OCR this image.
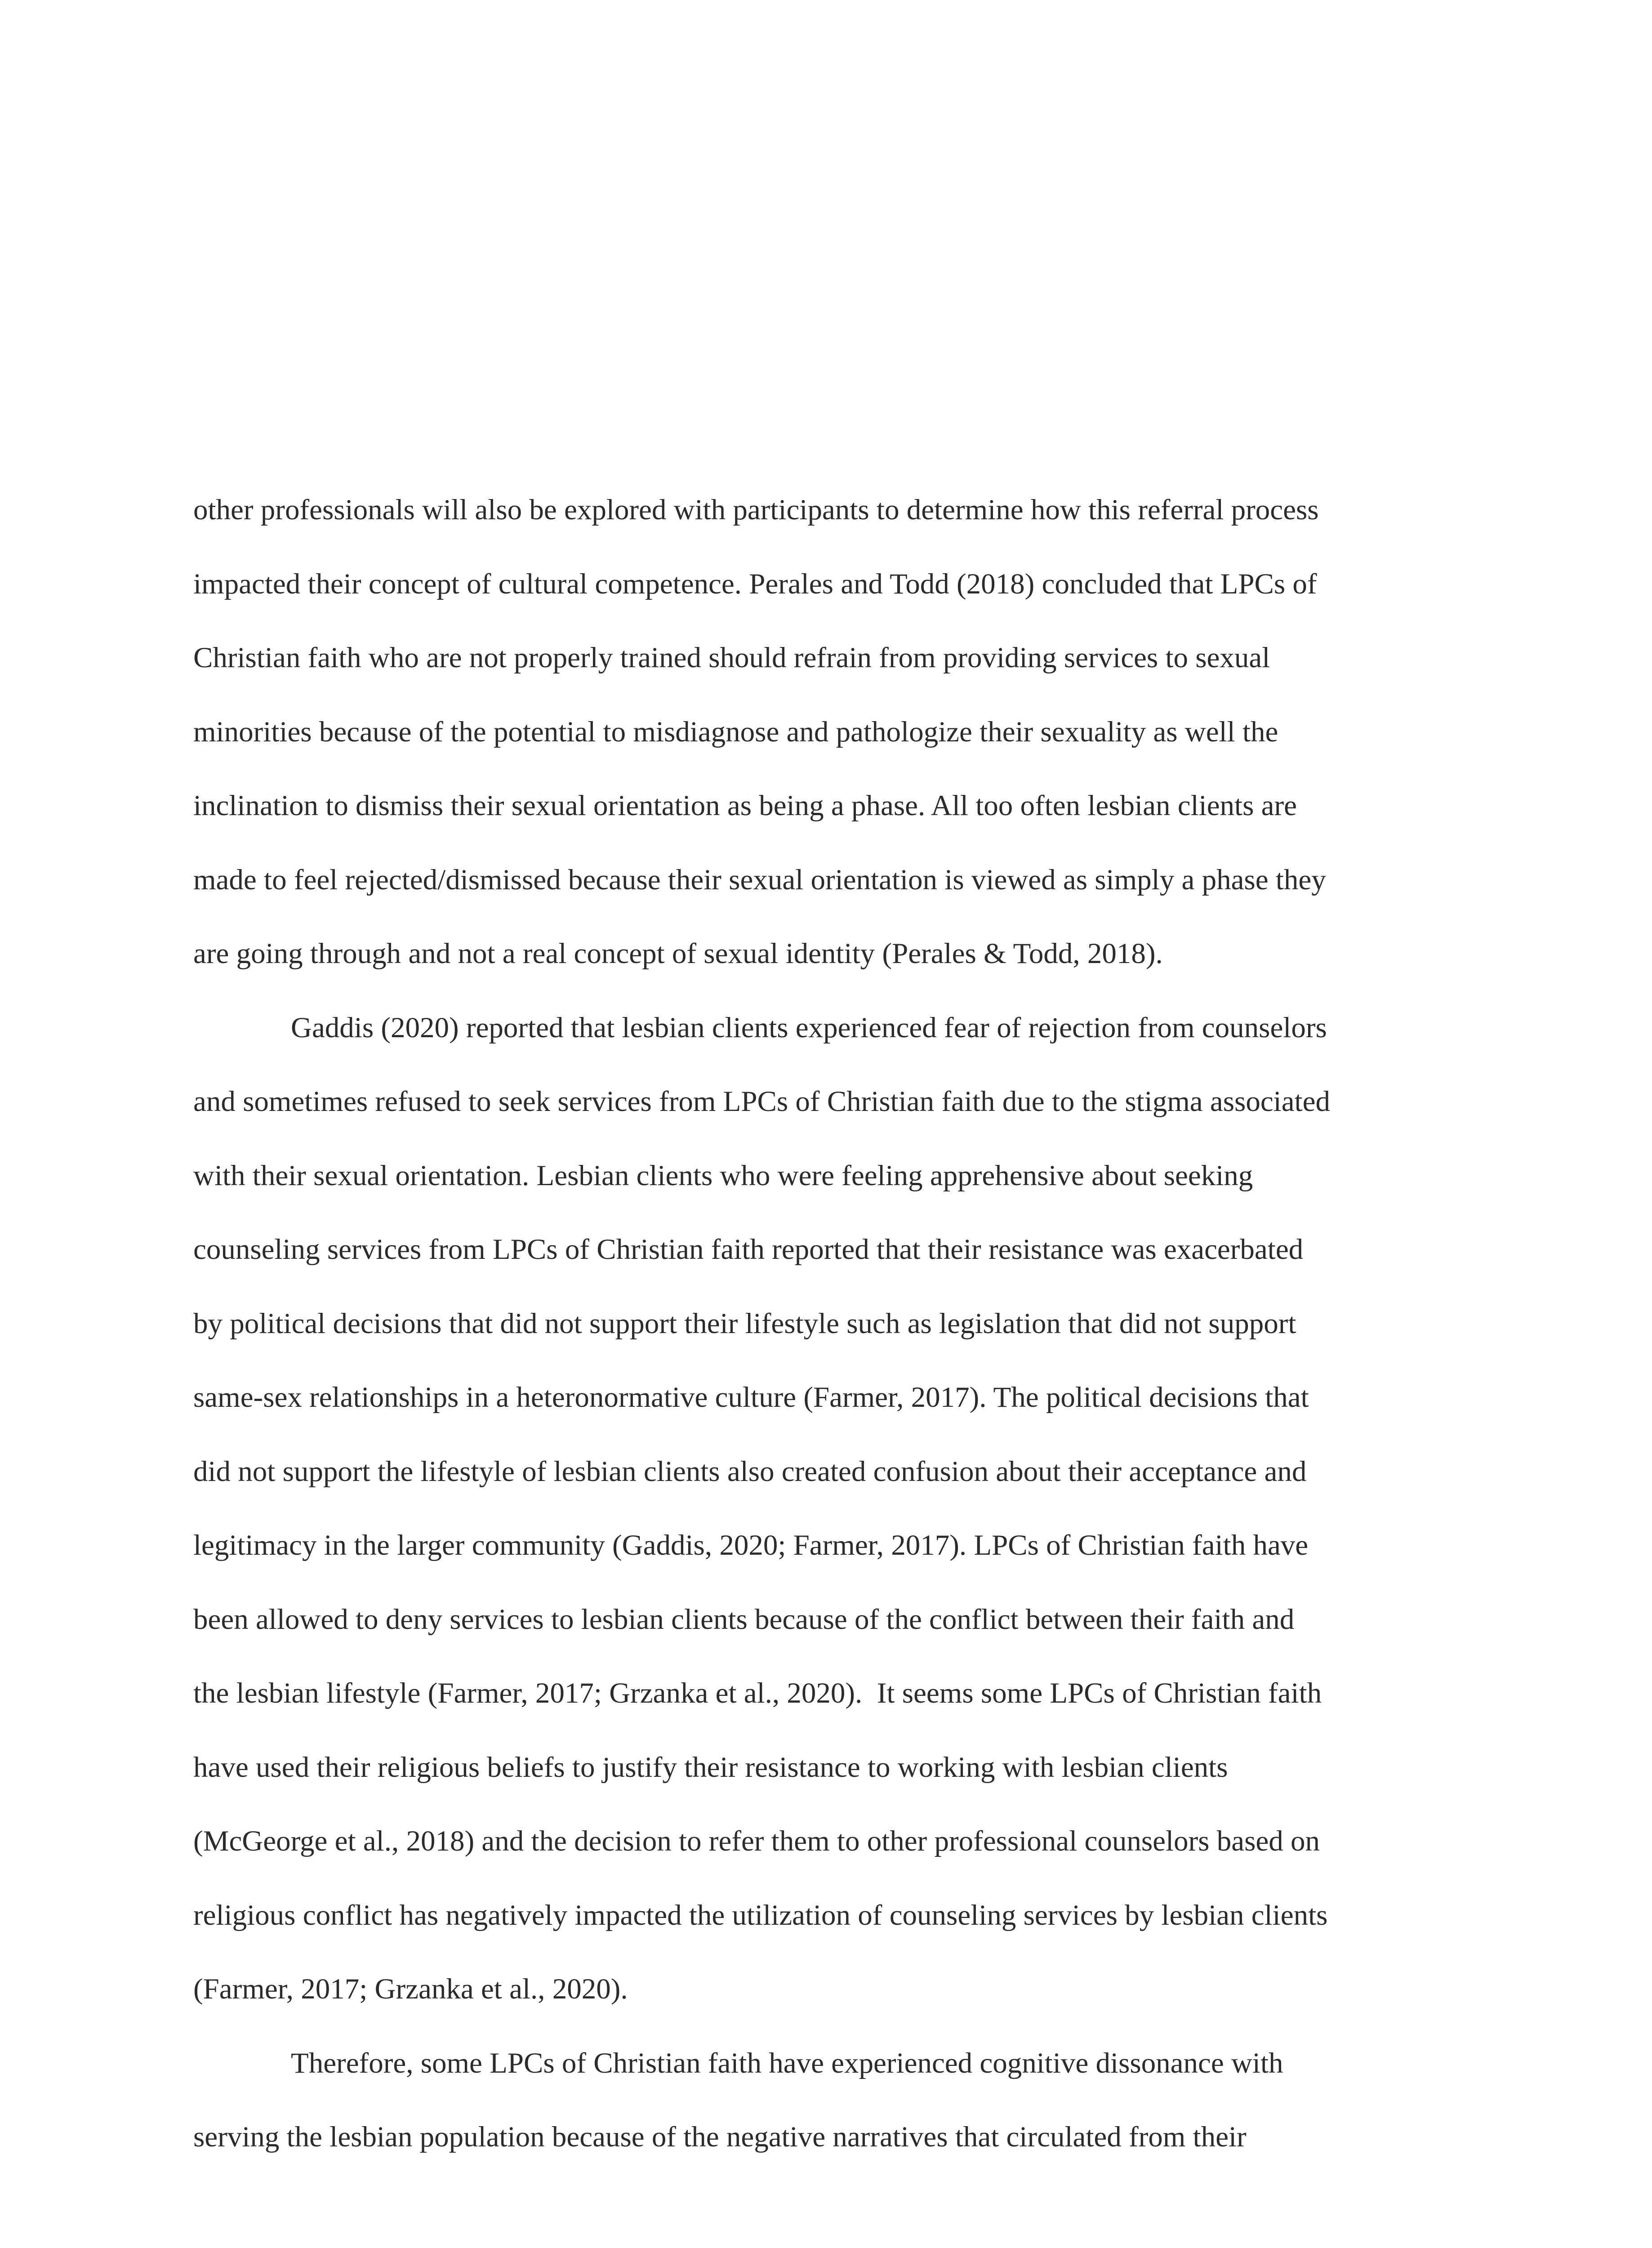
other professionals will also be explored with participants to determine how this referral process
impacted their concept of cultural competence. Perales and Todd (2018) concluded that LPCs of
Christian faith who are not properly trained should refrain from providing services to sexual
minorities because of the potential to misdiagnose and pathologize their sexuality as well the
inclination to dismiss their sexual orientation as being a phase. All too often lesbian clients are
made to feel rejected/dismissed because their sexual orientation is viewed as simply a phase they
are going through and not a real concept of sexual identity (Perales & Todd, 2018).
Gaddis (2020) reported that lesbian clients experienced fear of rejection from counselors
and sometimes refused to seek services from LPCs of Christian faith due to the stigma associated
with their sexual orientation. Lesbian clients who were feeling apprehensive about seeking
counseling services from LPCs of Christian faith reported that their resistance was exacerbated
by political decisions that did not support their lifestyle such as legislation that did not support
same-sex relationships in a heteronormative culture (Farmer, 2017). The political decisions that
did not support the lifestyle of lesbian clients also created confusion about their acceptance and
legitimacy in the larger community (Gaddis, 2020; Farmer, 2017). LPCs of Christian faith have
been allowed to deny services to lesbian clients because of the conflict between their faith and
the lesbian lifestyle (Farmer, 2017; Grzanka et al., 2020).  It seems some LPCs of Christian faith
have used their religious beliefs to justify their resistance to working with lesbian clients
(McGeorge et al., 2018) and the decision to refer them to other professional counselors based on
religious conflict has negatively impacted the utilization of counseling services by lesbian clients
(Farmer, 2017; Grzanka et al., 2020).
Therefore, some LPCs of Christian faith have experienced cognitive dissonance with
serving the lesbian population because of the negative narratives that circulated from their
